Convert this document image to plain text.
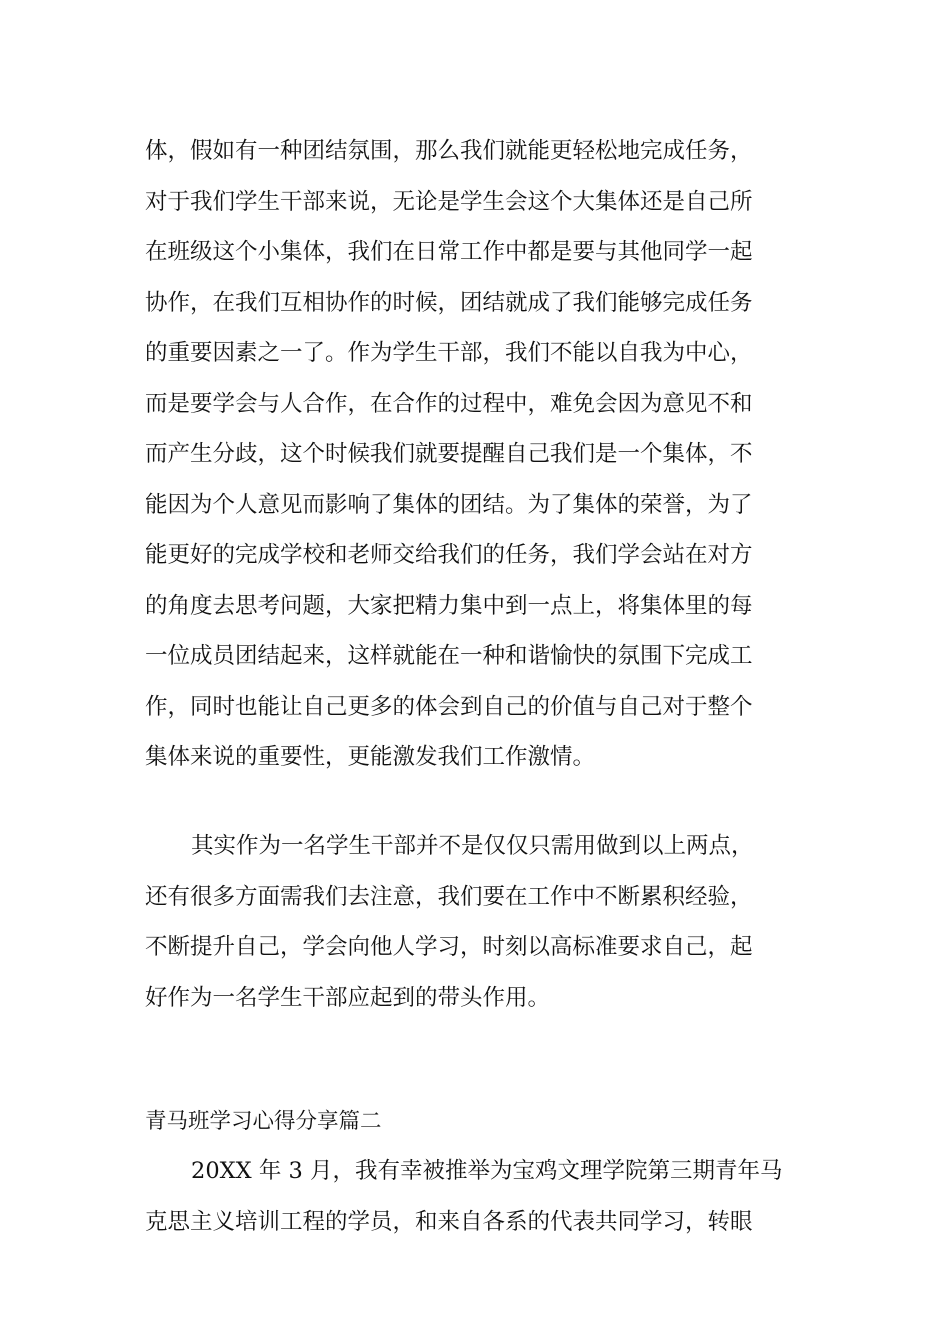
体，假如有一种团结氛围，那么我们就能更轻松地完成任务，
对于我们学生干部来说，无论是学生会这个大集体还是自己所
在班级这个小集体，我们在日常工作中都是要与其他同学一起
协作，在我们互相协作的时候，团结就成了我们能够完成任务
的重要因素之一了。作为学生干部，我们不能以自我为中心，
而是要学会与人合作，在合作的过程中，难免会因为意见不和
而产生分歧，这个时候我们就要提醒自己我们是一个集体，不
能因为个人意见而影响了集体的团结。为了集体的荣誉，为了
能更好的完成学校和老师交给我们的任务，我们学会站在对方
的角度去思考问题，大家把精力集中到一点上，将集体里的每
一位成员团结起来，这样就能在一种和谐愉快的氛围下完成工
作，同时也能让自己更多的体会到自己的价值与自己对于整个
集体来说的重要性，更能激发我们工作激情。
其实作为一名学生干部并不是仅仅只需用做到以上两点，
还有很多方面需我们去注意，我们要在工作中不断累积经验，
不断提升自己，学会向他人学习，时刻以高标准要求自己，起
好作为一名学生干部应起到的带头作用。
青马班学习心得分享篇二
20XX 年 3 月，我有幸被推举为宝鸡文理学院第三期青年马
克思主义培训工程的学员，和来自各系的代表共同学习，转眼
